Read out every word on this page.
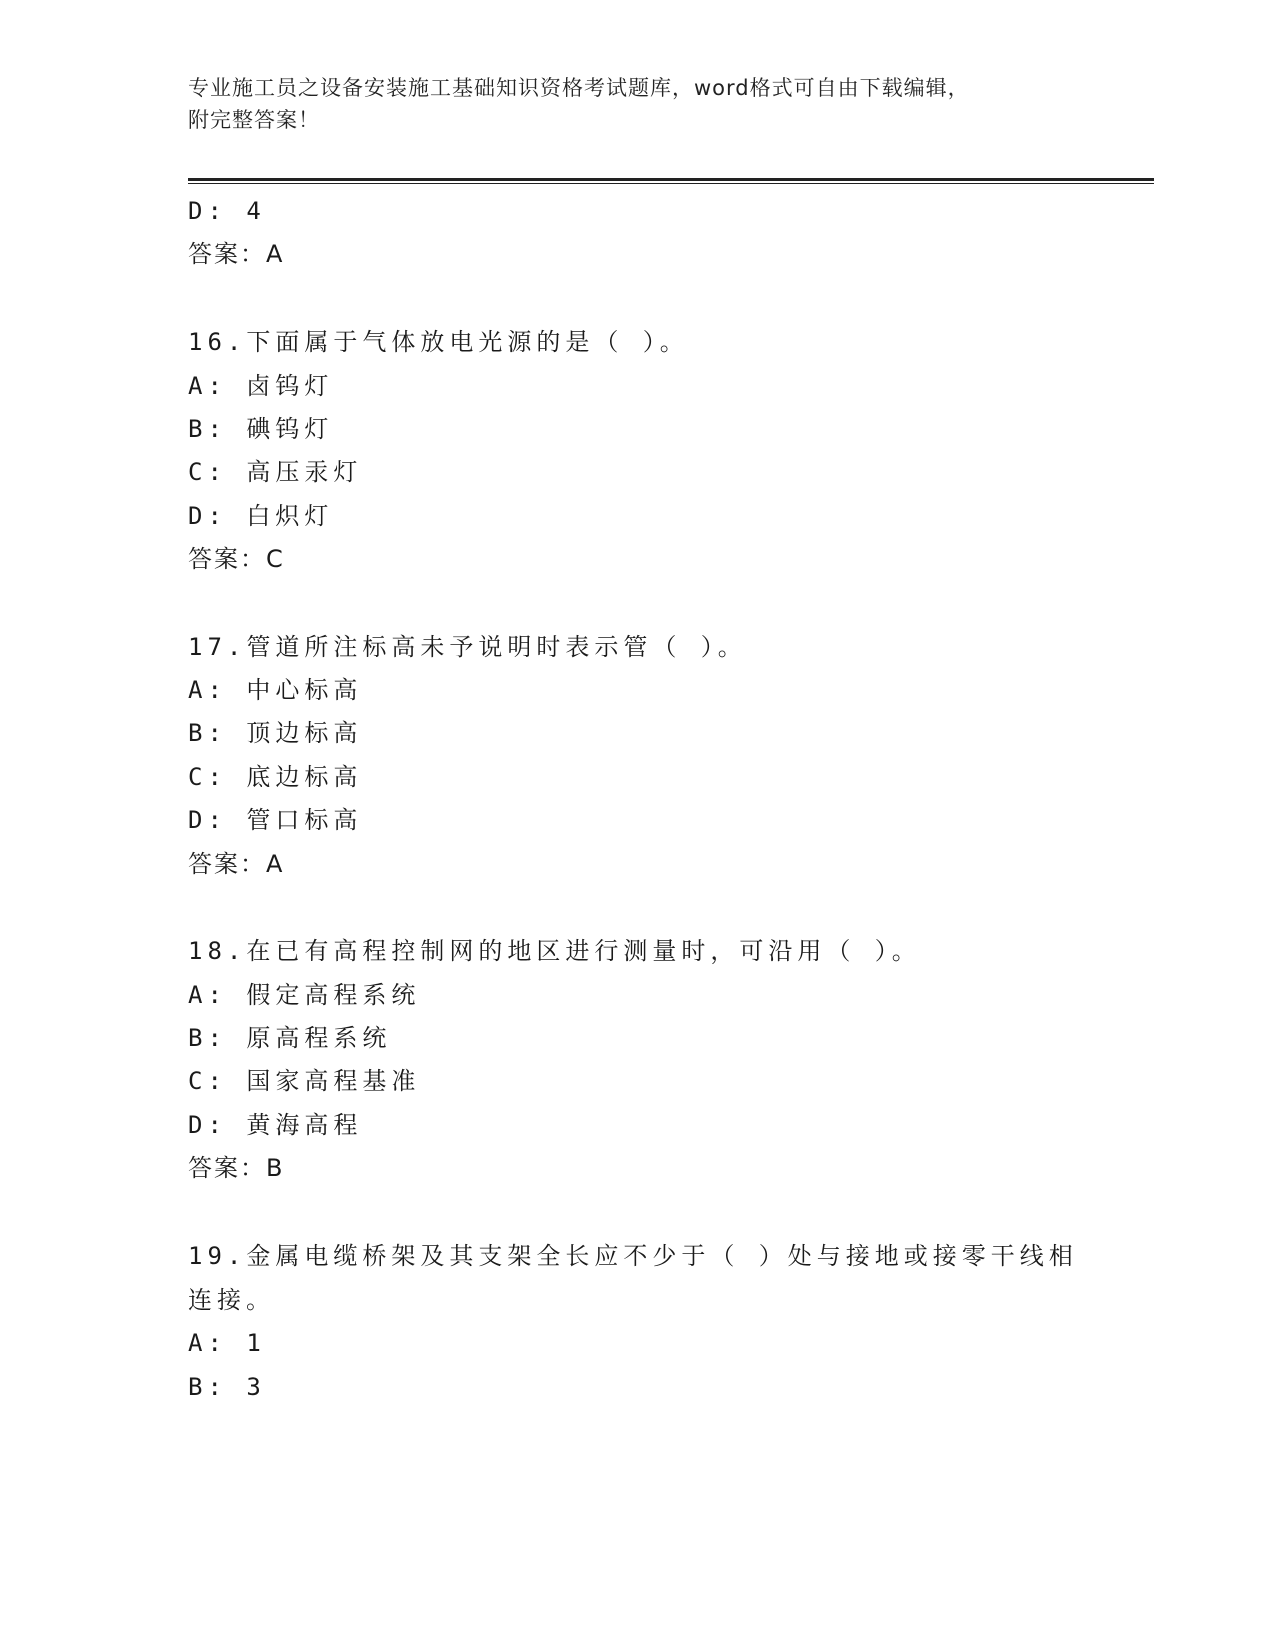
专业施工员之设备安装施工基础知识资格考试题库，word格式可自由下载编辑，
附完整答案！
D: 4
答案：A
16.下面属于气体放电光源的是（ ）。
A: 卤钨灯
B: 碘钨灯
C: 高压汞灯
D: 白炽灯
答案：C
17.管道所注标高未予说明时表示管（ ）。
A: 中心标高
B: 顶边标高
C: 底边标高
D: 管口标高
答案：A
18.在已有高程控制网的地区进行测量时，可沿用（ ）。
A: 假定高程系统
B: 原高程系统
C: 国家高程基准
D: 黄海高程
答案：B
19.金属电缆桥架及其支架全长应不少于（ ）处与接地或接零干线相
连接。
A: 1
B: 3
